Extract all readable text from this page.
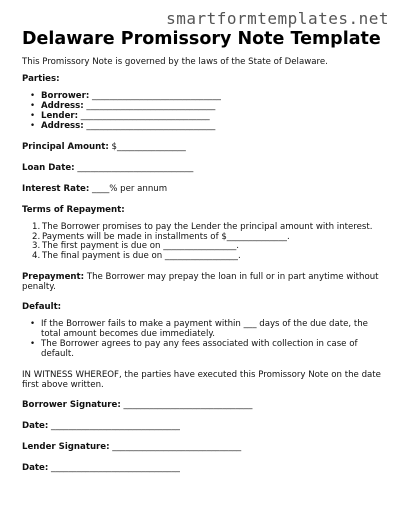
smartformtemplates.net
Delaware Promissory Note Template
This Promissory Note is governed by the laws of the State of Delaware.
Parties:
• Borrower: ______________________________
• Address: ______________________________
• Lender: ______________________________
• Address: ______________________________
Principal Amount: $________________
Loan Date: ___________________________
Interest Rate: ____% per annum
Terms of Repayment:
1. The Borrower promises to pay the Lender the principal amount with interest.
2. Payments will be made in installments of $______________.
3. The first payment is due on _________________.
4. The final payment is due on _________________.
Prepayment: The Borrower may prepay the loan in full or in part anytime without penalty.
Default:
• If the Borrower fails to make a payment within ___ days of the due date, the total amount becomes due immediately.
• The Borrower agrees to pay any fees associated with collection in case of default.
IN WITNESS WHEREOF, the parties have executed this Promissory Note on the date first above written.
Borrower Signature: ______________________________
Date: ______________________________
Lender Signature: ______________________________
Date: ______________________________
